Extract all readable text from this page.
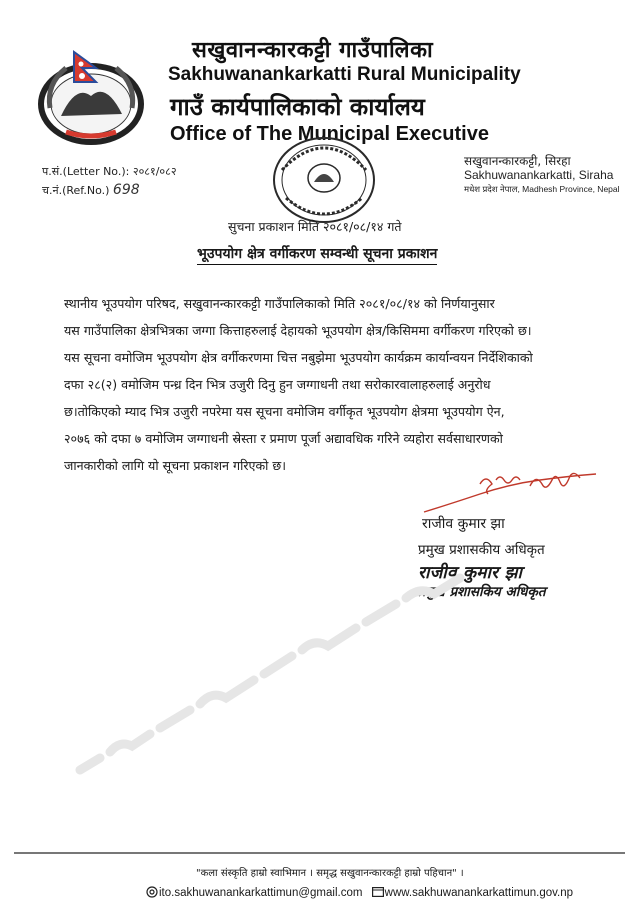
सखुवानन्कारकट्टी गाउँपालिका
Sakhuwanankarkatti Rural Municipality
गाउँ कार्यपालिकाको कार्यालय
Office of The Municipal Executive
प.सं.(Letter No.): २०८१/०८२
च.नं.(Ref.No.) 698
सखुवानन्कारकट्टी, सिरहा
Sakhuwanankarkatti, Siraha
मधेश प्रदेश नेपाल, Madhesh Province, Nepal
सुचना प्रकाशन मिति २०८१/०८/१४ गते
भूउपयोग क्षेत्र वर्गीकरण सम्वन्धी सूचना प्रकाशन
स्थानीय भूउपयोग परिषद, सखुवानन्कारकट्टी गाउँपालिकाको मिति २०८१/०८/१४ को निर्णयानुसार
यस गाउँपालिका क्षेत्रभित्रका जग्गा कित्ताहरुलाई देहायको भूउपयोग क्षेत्र/किसिममा वर्गीकरण गरिएको छ।
यस सूचना वमोजिम भूउपयोग क्षेत्र वर्गीकरणमा चित्त नबुझेमा भूउपयोग कार्यक्रम कार्यान्वयन निर्देशिकाको
दफा २८(२) वमोजिम पन्ध्र दिन भित्र उजुरी दिनु हुन जग्गाधनी तथा सरोकारवालाहरुलाई अनुरोध
छ।तोकिएको म्याद भित्र उजुरी नपरेमा यस सूचना वमोजिम वर्गीकृत भूउपयोग क्षेत्रमा भूउपयोग ऐन,
२०७६ को दफा ७ वमोजिम जग्गाधनी स्रेस्ता र प्रमाण पूर्जा अद्यावधिक गरिने व्यहोरा सर्वसाधारणको
जानकारीको लागि यो सूचना प्रकाशन गरिएको छ।
राजीव कुमार झा
प्रमुख प्रशासकीय अधिकृत
राजीव कुमार झा
प्रमुख प्रशासकिय अधिकृत
"कला संस्कृति हाम्रो स्वाभिमान । समृद्ध सखुवानन्कारकट्टी हाम्रो पहिचान" ।
ito.sakhuwanankarkattimun@gmail.com www.sakhuwanankarkattimun.gov.np
